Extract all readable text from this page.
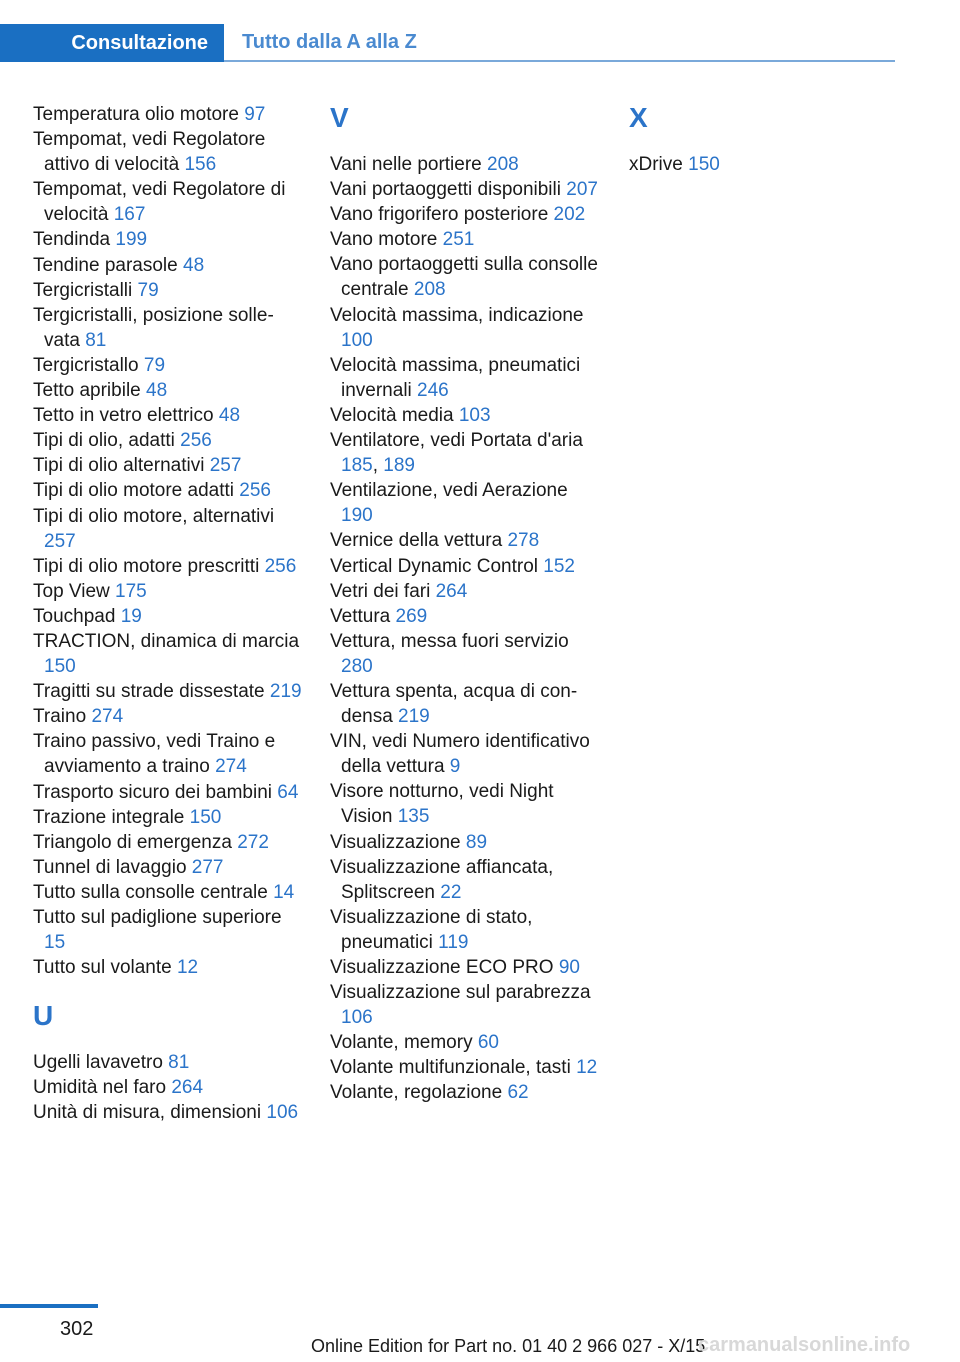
Consultazione Tutto dalla A alla Z
Temperatura olio motore 97
Tempomat, vedi Regolatore attivo di velocità 156
Tempomat, vedi Regolatore di velocità 167
Tendinda 199
Tendine parasole 48
Tergicristalli 79
Tergicristalli, posizione sollevata 81
Tergicristallo 79
Tetto apribile 48
Tetto in vetro elettrico 48
Tipi di olio, adatti 256
Tipi di olio alternativi 257
Tipi di olio motore adatti 256
Tipi di olio motore, alternativi 257
Tipi di olio motore prescritti 256
Top View 175
Touchpad 19
TRACTION, dinamica di marcia 150
Tragitti su strade dissestate 219
Traino 274
Traino passivo, vedi Traino e avviamento a traino 274
Trasporto sicuro dei bambini 64
Trazione integrale 150
Triangolo di emergenza 272
Tunnel di lavaggio 277
Tutto sulla consolle centrale 14
Tutto sul padiglione superiore 15
Tutto sul volante 12
U
Ugelli lavavetro 81
Umidità nel faro 264
Unità di misura, dimensioni 106
V
Vani nelle portiere 208
Vani portaoggetti disponibili 207
Vano frigorifero posteriore 202
Vano motore 251
Vano portaoggetti sulla consolle centrale 208
Velocità massima, indicazione 100
Velocità massima, pneumatici invernali 246
Velocità media 103
Ventilatore, vedi Portata d'aria 185, 189
Ventilazione, vedi Aerazione 190
Vernice della vettura 278
Vertical Dynamic Control 152
Vetri dei fari 264
Vettura 269
Vettura, messa fuori servizio 280
Vettura spenta, acqua di condensa 219
VIN, vedi Numero identificativo della vettura 9
Visore notturno, vedi Night Vision 135
Visualizzazione 89
Visualizzazione affiancata, Splitscreen 22
Visualizzazione di stato, pneumatici 119
Visualizzazione ECO PRO 90
Visualizzazione sul parabrezza 106
Volante, memory 60
Volante multifunzionale, tasti 12
Volante, regolazione 62
X
xDrive 150
302
Online Edition for Part no. 01 40 2 966 027 - X/15
carmanualsonline.info
